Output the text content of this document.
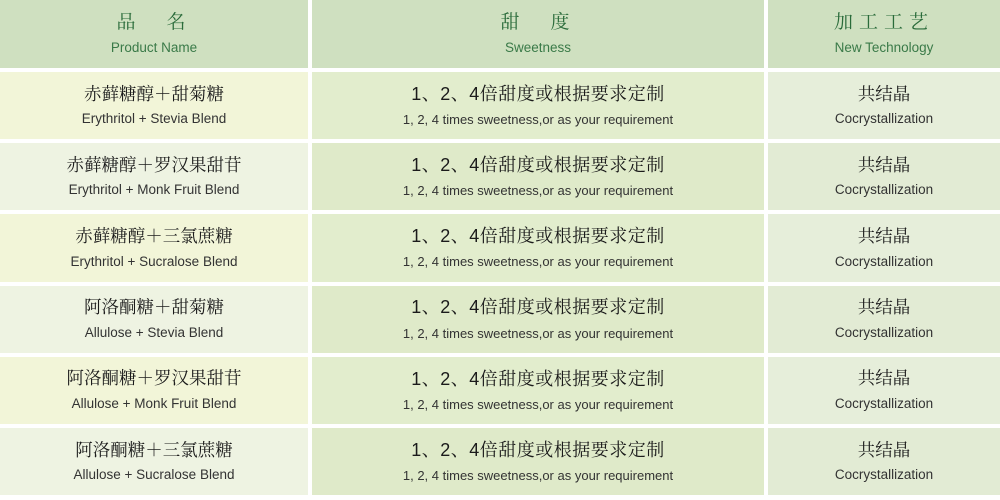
品　名
Product Name
甜　度
Sweetness
加工工艺
New Technology
赤藓糖醇＋甜菊糖
Erythritol + Stevia Blend
1、2、4倍甜度或根据要求定制
1, 2, 4 times sweetness,or as your requirement
共结晶
Cocrystallization
赤藓糖醇＋罗汉果甜苷
Erythritol + Monk Fruit Blend
1、2、4倍甜度或根据要求定制
1, 2, 4 times sweetness,or as your requirement
共结晶
Cocrystallization
赤藓糖醇＋三氯蔗糖
Erythritol + Sucralose Blend
1、2、4倍甜度或根据要求定制
1, 2, 4 times sweetness,or as your requirement
共结晶
Cocrystallization
阿洛酮糖＋甜菊糖
Allulose + Stevia Blend
1、2、4倍甜度或根据要求定制
1, 2, 4 times sweetness,or as your requirement
共结晶
Cocrystallization
阿洛酮糖＋罗汉果甜苷
Allulose + Monk Fruit Blend
1、2、4倍甜度或根据要求定制
1, 2, 4 times sweetness,or as your requirement
共结晶
Cocrystallization
阿洛酮糖＋三氯蔗糖
Allulose + Sucralose Blend
1、2、4倍甜度或根据要求定制
1, 2, 4 times sweetness,or as your requirement
共结晶
Cocrystallization
